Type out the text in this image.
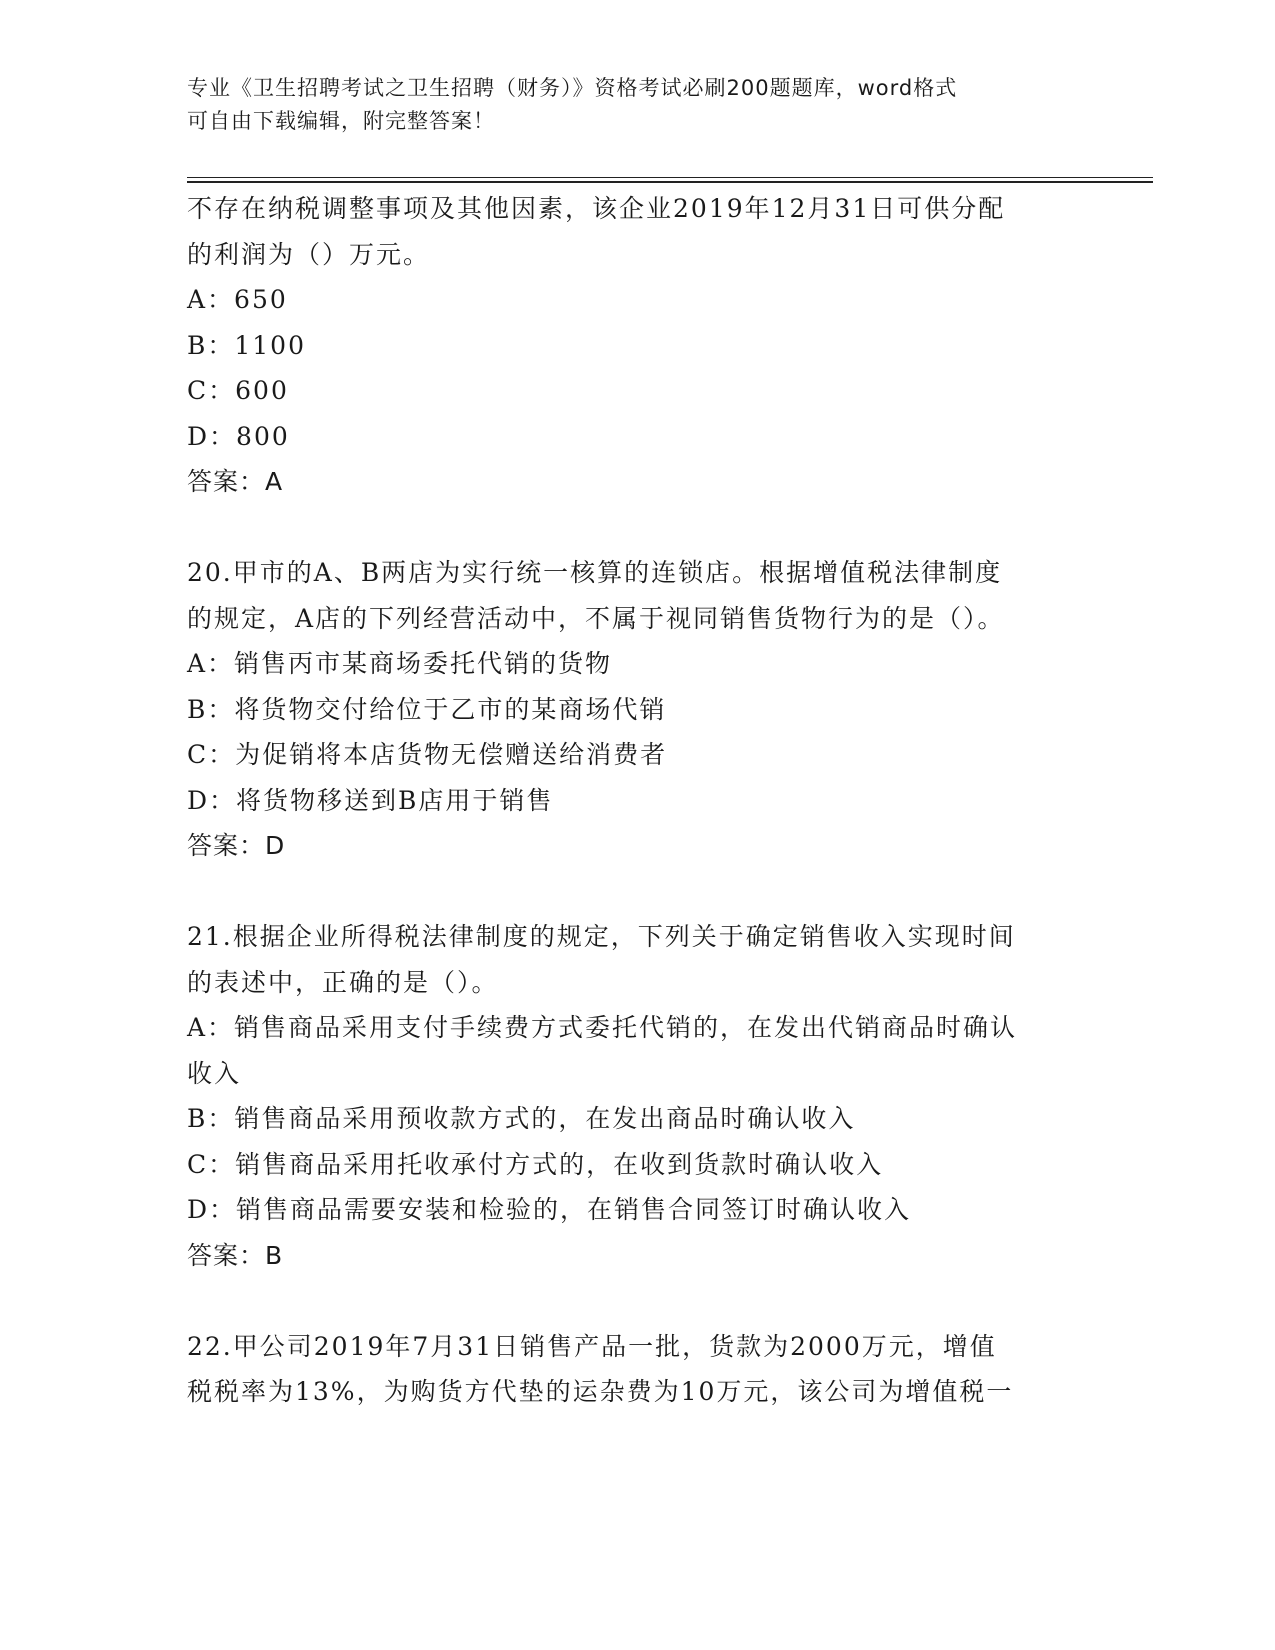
专业《卫生招聘考试之卫生招聘（财务）》资格考试必刷200题题库，word格式
可自由下载编辑，附完整答案！
不存在纳税调整事项及其他因素，该企业2019年12月31日可供分配
的利润为（）万元。
A：650
B：1100
C：600
D：800
答案：A
20.甲市的A、B两店为实行统一核算的连锁店。根据增值税法律制度
的规定，A店的下列经营活动中，不属于视同销售货物行为的是（）。
A：销售丙市某商场委托代销的货物
B：将货物交付给位于乙市的某商场代销
C：为促销将本店货物无偿赠送给消费者
D：将货物移送到B店用于销售
答案：D
21.根据企业所得税法律制度的规定，下列关于确定销售收入实现时间
的表述中，正确的是（）。
A：销售商品采用支付手续费方式委托代销的，在发出代销商品时确认
收入
B：销售商品采用预收款方式的，在发出商品时确认收入
C：销售商品采用托收承付方式的，在收到货款时确认收入
D：销售商品需要安装和检验的，在销售合同签订时确认收入
答案：B
22.甲公司2019年7月31日销售产品一批，货款为2000万元，增值
税税率为13%，为购货方代垫的运杂费为10万元，该公司为增值税一
